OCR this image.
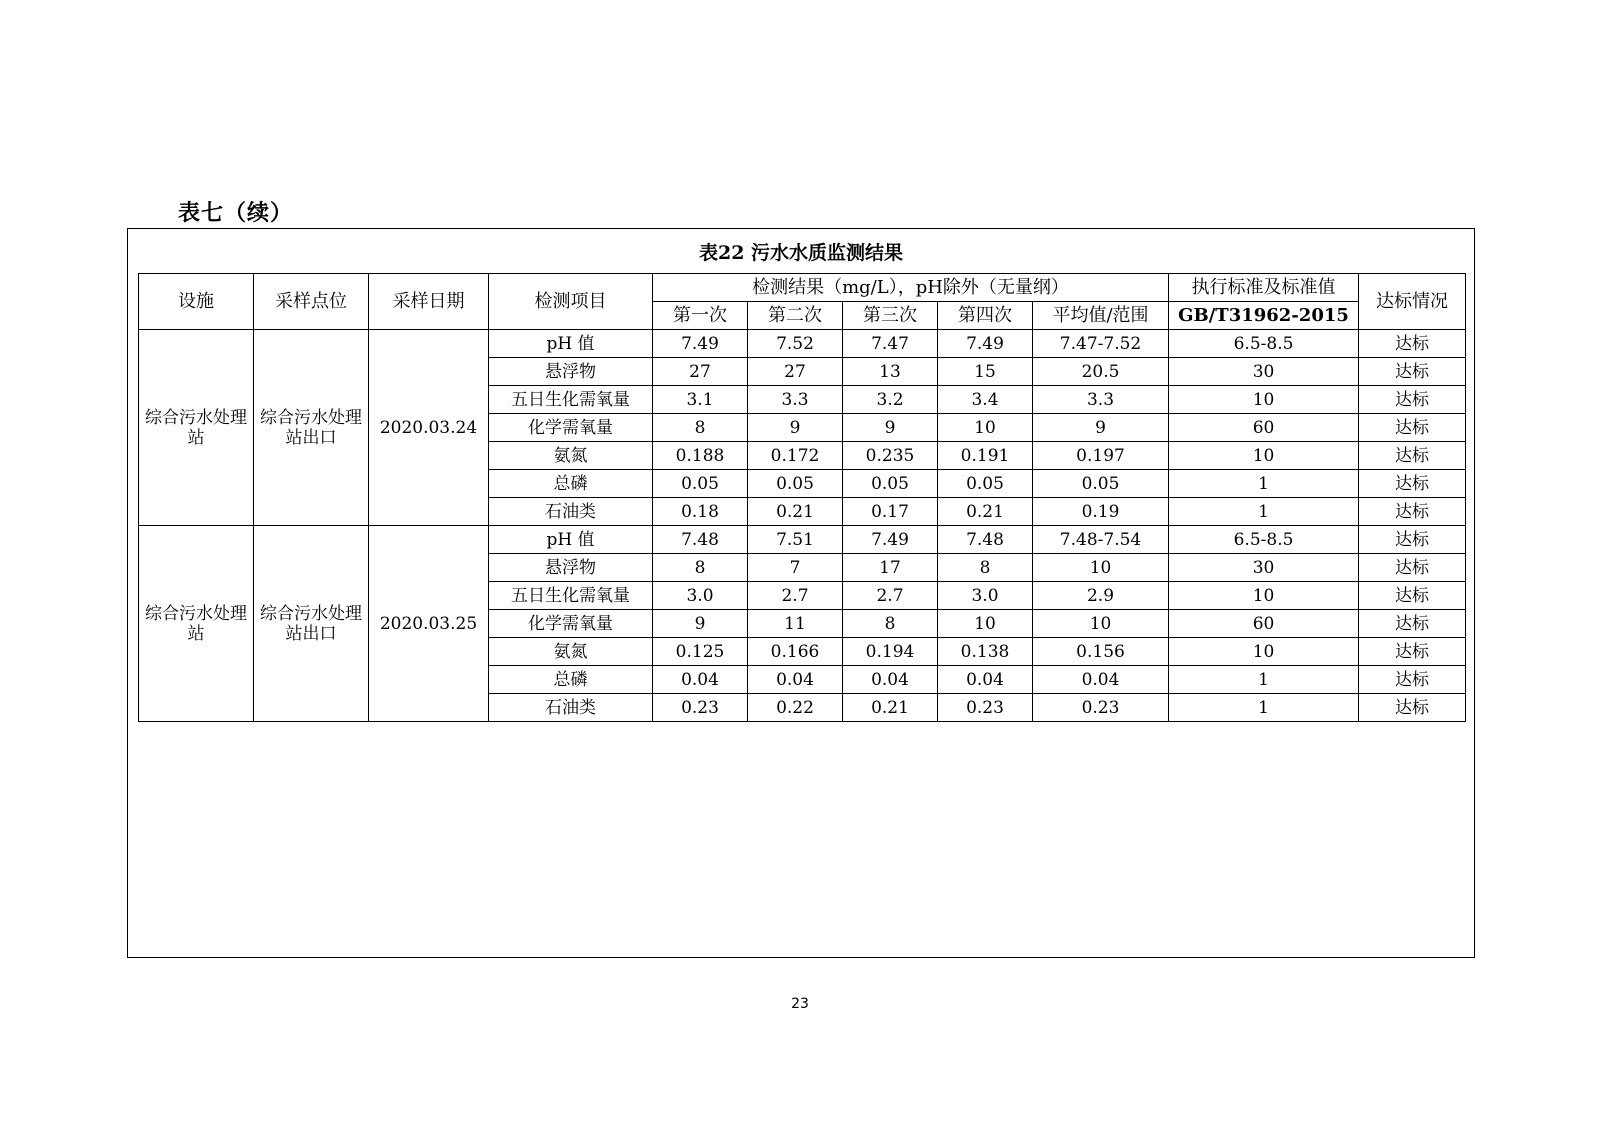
表七（续）
表22 污水水质监测结果
设施	采样点位	采样日期	检测项目	检测结果（mg/L），pH除外（无量纲）					执行标准及标准值	达标情况
				第一次	第二次	第三次	第四次	平均值/范围	GB/T31962-2015	
综合污水处理站	综合污水处理站出口	2020.03.24	pH 值	7.49	7.52	7.47	7.49	7.47-7.52	6.5-8.5	达标
			悬浮物	27	27	13	15	20.5	30	达标
			五日生化需氧量	3.1	3.3	3.2	3.4	3.3	10	达标
			化学需氧量	8	9	9	10	9	60	达标
			氨氮	0.188	0.172	0.235	0.191	0.197	10	达标
			总磷	0.05	0.05	0.05	0.05	0.05	1	达标
			石油类	0.18	0.21	0.17	0.21	0.19	1	达标
综合污水处理站	综合污水处理站出口	2020.03.25	pH 值	7.48	7.51	7.49	7.48	7.48-7.54	6.5-8.5	达标
			悬浮物	8	7	17	8	10	30	达标
			五日生化需氧量	3.0	2.7	2.7	3.0	2.9	10	达标
			化学需氧量	9	11	8	10	10	60	达标
			氨氮	0.125	0.166	0.194	0.138	0.156	10	达标
			总磷	0.04	0.04	0.04	0.04	0.04	1	达标
			石油类	0.23	0.22	0.21	0.23	0.23	1	达标
23
